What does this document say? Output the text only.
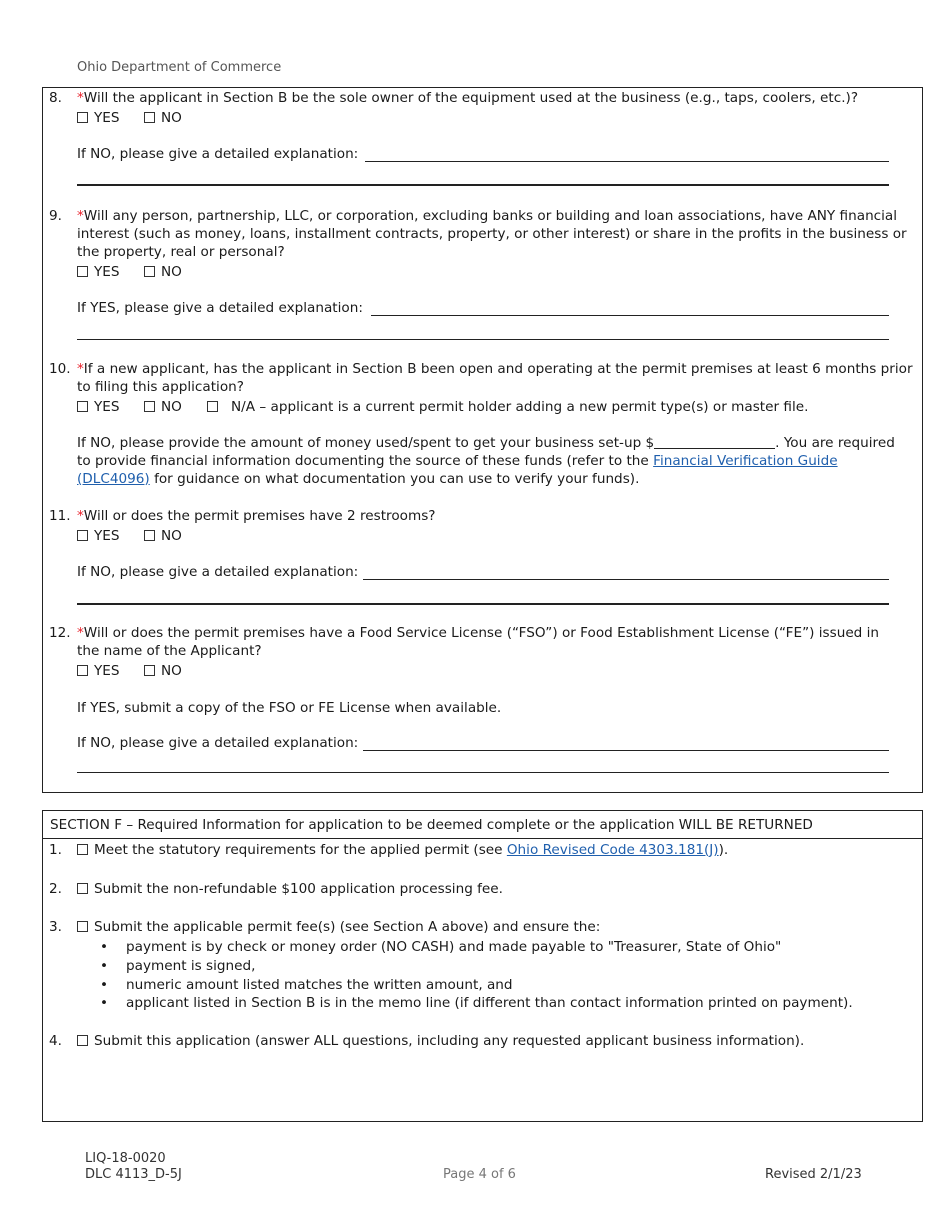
Ohio Department of Commerce
8. *Will the applicant in Section B be the sole owner of the equipment used at the business (e.g., taps, coolers, etc.)?
YES	NO
If NO, please give a detailed explanation:
9. *Will any person, partnership, LLC, or corporation, excluding banks or building and loan associations, have ANY financial
interest (such as money, loans, installment contracts, property, or other interest) or share in the profits in the business or
the property, real or personal?
YES	NO
If YES, please give a detailed explanation:
10. *If a new applicant, has the applicant in Section B been open and operating at the permit premises at least 6 months prior
to filing this application?
YES	NO	N/A – applicant is a current permit holder adding a new permit type(s) or master file.
If NO, please provide the amount of money used/spent to get your business set-up $	. You are required
to provide financial information documenting the source of these funds (refer to the Financial Verification Guide
(DLC4096) for guidance on what documentation you can use to verify your funds).
11. *Will or does the permit premises have 2 restrooms?
YES	NO
If NO, please give a detailed explanation:
12. *Will or does the permit premises have a Food Service License (“FSO”) or Food Establishment License (“FE”) issued in
the name of the Applicant?
YES	NO
If YES, submit a copy of the FSO or FE License when available.
If NO, please give a detailed explanation:
SECTION F – Required Information for application to be deemed complete or the application WILL BE RETURNED
1.	Meet the statutory requirements for the applied permit (see Ohio Revised Code 4303.181(J)).
2.	Submit the non-refundable $100 application processing fee.
3.	Submit the applicable permit fee(s) (see Section A above) and ensure the:
• payment is by check or money order (NO CASH) and made payable to "Treasurer, State of Ohio"
• payment is signed,
• numeric amount listed matches the written amount, and
• applicant listed in Section B is in the memo line (if different than contact information printed on payment).
4.	Submit this application (answer ALL questions, including any requested applicant business information).
LIQ-18-0020
DLC 4113_D-5J	Page 4 of 6	Revised 2/1/23
